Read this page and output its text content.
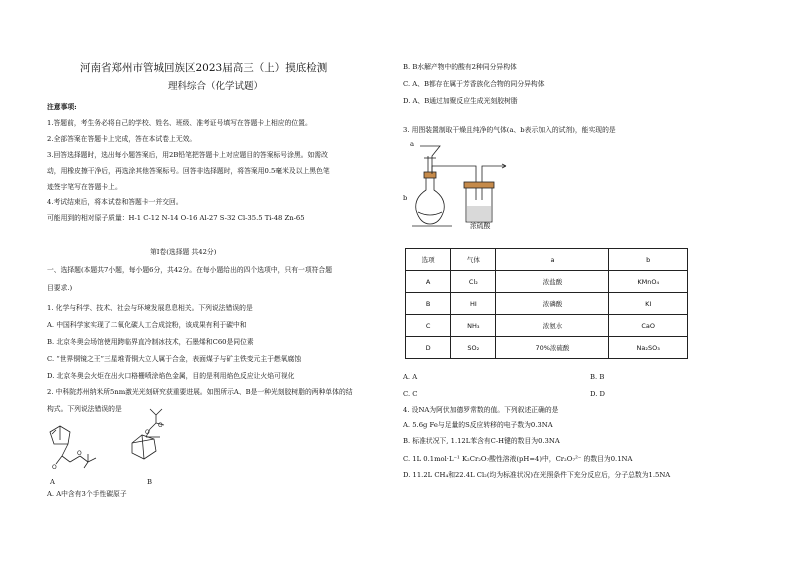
河南省郑州市管城回族区2023届高三（上）摸底检测
理科综合（化学试题）
注意事项:
1.答题前，考生务必将自己的学校、姓名、班级、准考证号填写在答题卡上相应的位置。
2.全部答案在答题卡上完成，答在本试卷上无效。
3.回答选择题时，选出每小题答案后，用2B铅笔把答题卡上对应题目的答案标号涂黑。如需改
动，用橡皮擦干净后，再选涂其他答案标号。回答非选择题时，将答案用0.5毫米及以上黑色笔
迹签字笔写在答题卡上。
4.考试结束后，将本试卷和答题卡一并交回。
可能用到的相对原子质量：H-1 C-12 N-14 O-16 Al-27 S-32 Cl-35.5 Ti-48 Zn-65
第Ⅰ卷(选择题 共42分)
一、选择题(本题共7小题，每小题6分，共42分。在每小题给出的四个选项中，只有一项符合题
目要求.)
1. 化学与科学、技术、社会与环境发展息息相关。下列说法错误的是
A. 中国科学家实现了二氧化碳人工合成淀粉，该成果有利于碳中和
B. 北京冬奥会场馆使用跨临界直冷制冰技术，石墨烯和C60是同位素
C. “世界铜镜之王”三星堆青铜大立人属于合金，表面煤子与矿主铁变元主于燃氧腐蚀
D. 北京冬奥会火炬在出火口格栅喷涂焰色金属，目的是利用焰色反应让火焰可视化
2. 中科院苏州纳米所5nm激光光刻研究获重要进展。如图所示A、B是一种光刻胶树脂的两种单体的结
构式。下列说法错误的是
O
O
A
O
O
B
A. A中含有3个手性碳原子
B. B水解产物中的酸有2种同分异构体
C. A、B都存在属于芳香族化合物的同分异构体
D. A、B通过加聚反应生成光刻胶树脂
3. 用图装置制取干燥且纯净的气体(a、b表示加入的试剂)，能实现的是
a
b
浓硫酸
选项	气体	a	b
A	Cl₂	浓盐酸	KMnO₄
B	HI	浓磷酸	KI
C	NH₃	浓氨水	CaO
D	SO₂	70%浓硫酸	Na₂SO₃
A. A	B. B
C. C	D. D
4. 设NA为阿伏加德罗常数的值。下列叙述正确的是
A. 5.6g Fe与足量的S反应转移的电子数为0.3NA
B. 标准状况下, 1.12L苯含有C-H键的数目为0.3NA
C. 1L 0.1mol·L⁻¹ K₂Cr₂O₇酸性溶液(pH=4)中，Cr₂O₇²⁻ 的数目为0.1NA
D. 11.2L CH₄和22.4L Cl₂(均为标准状况)在光照条件下充分反应后，分子总数为1.5NA
